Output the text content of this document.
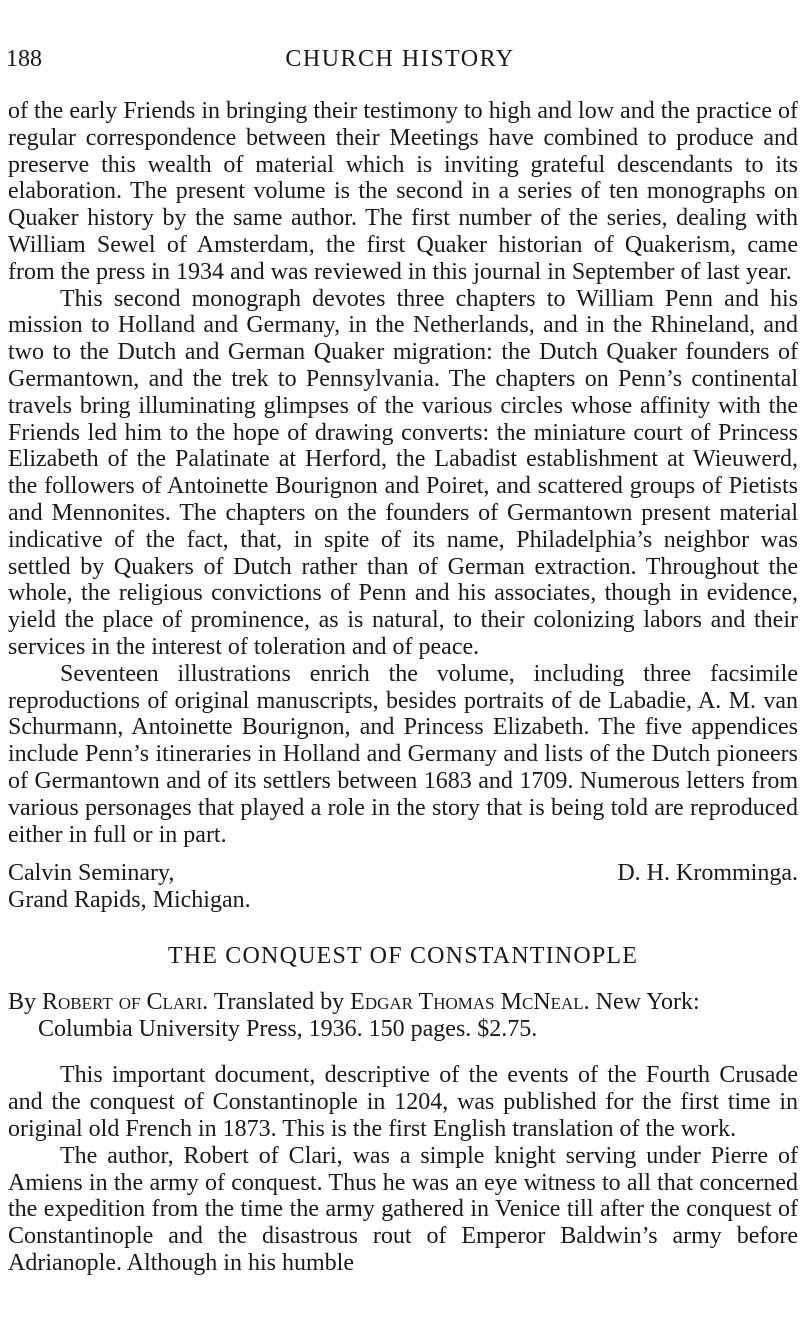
188	CHURCH HISTORY

of the early Friends in bringing their testimony to high and low and the practice of regular correspondence between their Meetings have combined to produce and preserve this wealth of material which is inviting grateful descendants to its elaboration. The present volume is the second in a series of ten monographs on Quaker history by the same author. The first number of the series, dealing with William Sewel of Amsterdam, the first Quaker historian of Quakerism, came from the press in 1934 and was reviewed in this journal in September of last year.

This second monograph devotes three chapters to William Penn and his mission to Holland and Germany, in the Netherlands, and in the Rhineland, and two to the Dutch and German Quaker migration: the Dutch Quaker founders of Germantown, and the trek to Pennsylvania. The chapters on Penn’s continental travels bring illuminating glimpses of the various circles whose affinity with the Friends led him to the hope of drawing converts: the miniature court of Princess Elizabeth of the Palatinate at Herford, the Labadist establishment at Wieuwerd, the followers of Antoinette Bourignon and Poiret, and scattered groups of Pietists and Mennonites. The chapters on the founders of Germantown present material indicative of the fact, that, in spite of its name, Philadelphia’s neighbor was settled by Quakers of Dutch rather than of German extraction. Throughout the whole, the religious convictions of Penn and his associates, though in evidence, yield the place of prominence, as is natural, to their colonizing labors and their services in the interest of toleration and of peace.

Seventeen illustrations enrich the volume, including three facsimile reproductions of original manuscripts, besides portraits of de Labadie, A. M. van Schurmann, Antoinette Bourignon, and Princess Elizabeth. The five appendices include Penn’s itineraries in Holland and Germany and lists of the Dutch pioneers of Germantown and of its settlers between 1683 and 1709. Numerous letters from various personages that played a role in the story that is being told are reproduced either in full or in part.

Calvin Seminary,	D. H. Kromminga.
Grand Rapids, Michigan.
THE CONQUEST OF CONSTANTINOPLE

By Robert of Clari. Translated by Edgar Thomas McNeal. New York: Columbia University Press, 1936. 150 pages. $2.75.

This important document, descriptive of the events of the Fourth Crusade and the conquest of Constantinople in 1204, was published for the first time in original old French in 1873. This is the first English translation of the work.

The author, Robert of Clari, was a simple knight serving under Pierre of Amiens in the army of conquest. Thus he was an eye witness to all that concerned the expedition from the time the army gathered in Venice till after the conquest of Constantinople and the disastrous rout of Emperor Baldwin’s army before Adrianople. Although in his humble
